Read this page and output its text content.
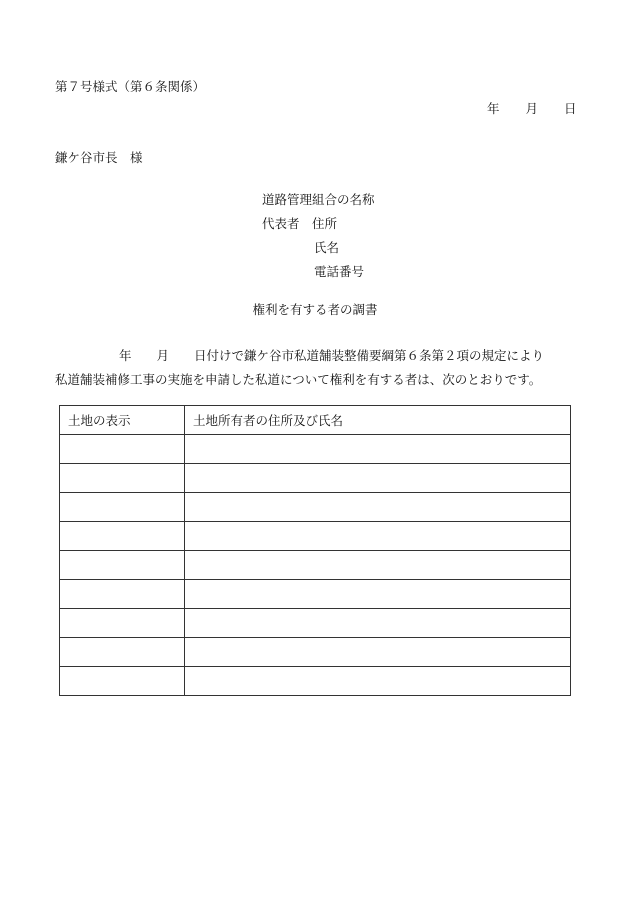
第７号様式（第６条関係）
年 月 日
鎌ケ谷市長　様
道路管理組合の名称
代表者　住所
氏名
電話番号
権利を有する者の調書
年　　月　　日付けで鎌ケ谷市私道舗装整備要綱第６条第２項の規定により
私道舗装補修工事の実施を申請した私道について権利を有する者は、次のとおりです。
土地の表示	土地所有者の住所及び氏名
